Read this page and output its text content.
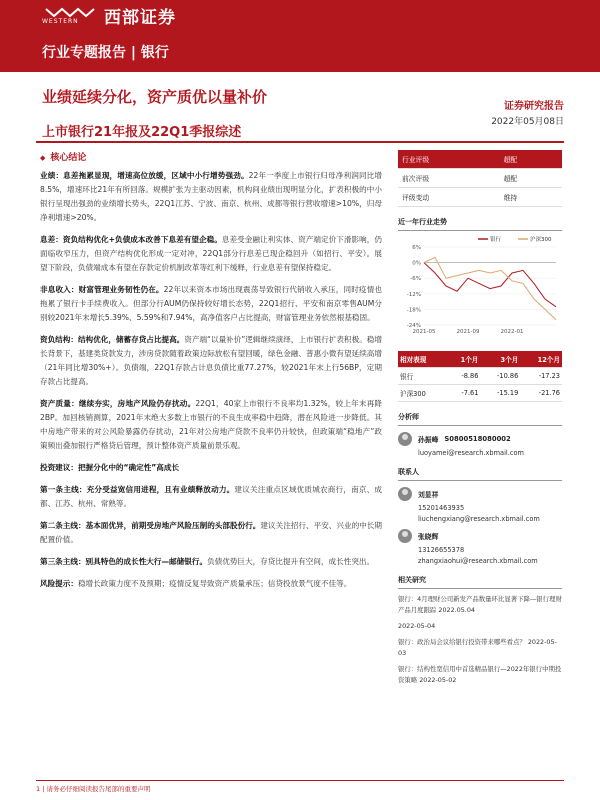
WESTERN 西部证券
行业专题报告 | 银行
业绩延续分化，资产质优以量补价
上市银行21年报及22Q1季报综述
证券研究报告
2022年05月08日
◆ 核心结论

业绩：息差拖累显现，增速高位放缓，区域中小行增势强劲。22年一季度上市银行归母净利润同比增8.5%，增速环比21年有所回落。规模扩张为主驱动因素，机构间业绩出现明显分化，扩表积极的中小银行呈现出强劲的业绩增长势头，22Q1江苏、宁波、南京、杭州、成都等银行营收增速>10%，归母净利增速>20%。

息差：资负结构优化+负债成本改善下息差有望企稳。息差受金融让利实体、资产端定价下滑影响，仍面临收窄压力，但资产结构优化形成一定对冲，22Q1部分行息差已现企稳回升（如招行、平安）。展望下阶段，负债端成本有望在存款定价机制改革等红利下缓释，行业息差有望保持稳定。

非息收入：财富管理业务韧性仍在。22年以来资本市场出现震荡导致银行代销收入承压，同时疫情也拖累了银行卡手续费收入。但部分行AUM仍保持较好增长态势，22Q1招行、平安和南京零售AUM分别较2021年末增长5.39%、5.59%和7.94%，高净值客户占比提高，财富管理业务依然根基稳固。

资负结构：结构优化，储蓄存贷占比提高。资产端“以量补价”逻辑继续演绎，上市银行扩表积极。稳增长背景下，基建类贷款发力，涉房贷款随着政策边际放松有望回暖，绿色金融、普惠小微有望延续高增（21年同比增30%+）。负债端，22Q1存款占计息负债比重77.27%，较2021年末上行56BP，定期存款占比提高。

资产质量：继续夯实，房地产风险仍存扰动。22Q1，40家上市银行不良率均1.32%，较上年末再降2BP。加回核销测算，2021年末绝大多数上市银行的不良生成率稳中趋降，潜在风险进一步降低。其中房地产带来的对公风险暴露仍存扰动，21年对公房地产贷款不良率仍升较快，但政策端“稳地产”政策频出叠加银行严格贷后管理，预计整体资产质量前景乐观。

投资建议：把握分化中的“确定性”高成长

第一条主线：充分受益宽信用进程，且有业绩释放动力。建议关注重点区域优质城农商行，南京、成都、江苏、杭州、常熟等。

第二条主线：基本面优异，前期受房地产风险压制的头部股份行。建议关注招行、平安、兴业的中长期配置价值。

第三条主线：别具特色的成长性大行—邮储银行。负债优势巨大，存贷比提升有空间，成长性突出。

风险提示：稳增长政策力度不及预期；疫情反复导致资产质量承压；信贷投放景气度不佳等。

行业评级	超配
前次评级	超配
评级变动	维持
近一年行业走势
6%
0%
-6%
-12%
-18%
-24%
2021-05	2021-09	2022-01
银行	沪深300
相对表现	1个月	3个月	12个月
银行	-8.86	-10.86	-17.23
沪深300	-7.61	-15.19	-21.76
分析师
孙振峰 S0800518080002
luoyamei@research.xbmail.com
联系人
刘显祥
15201463935
liuchengxiang@research.xbmail.com
张晓辉
13126655378
zhangxiaohui@research.xbmail.com
相关研究
银行：4月理财公司新发产品数量环比显著下降—银行理财产品月度跟踪 2022.05.04
2022-05-04
银行：政治局会议给银行投资带来哪些看点？ 2022-05-03
银行：结构性宽信用中首选精品银行—2022年银行中期投资策略 2022-05-02
1 | 请务必仔细阅读报告尾部的重要声明
